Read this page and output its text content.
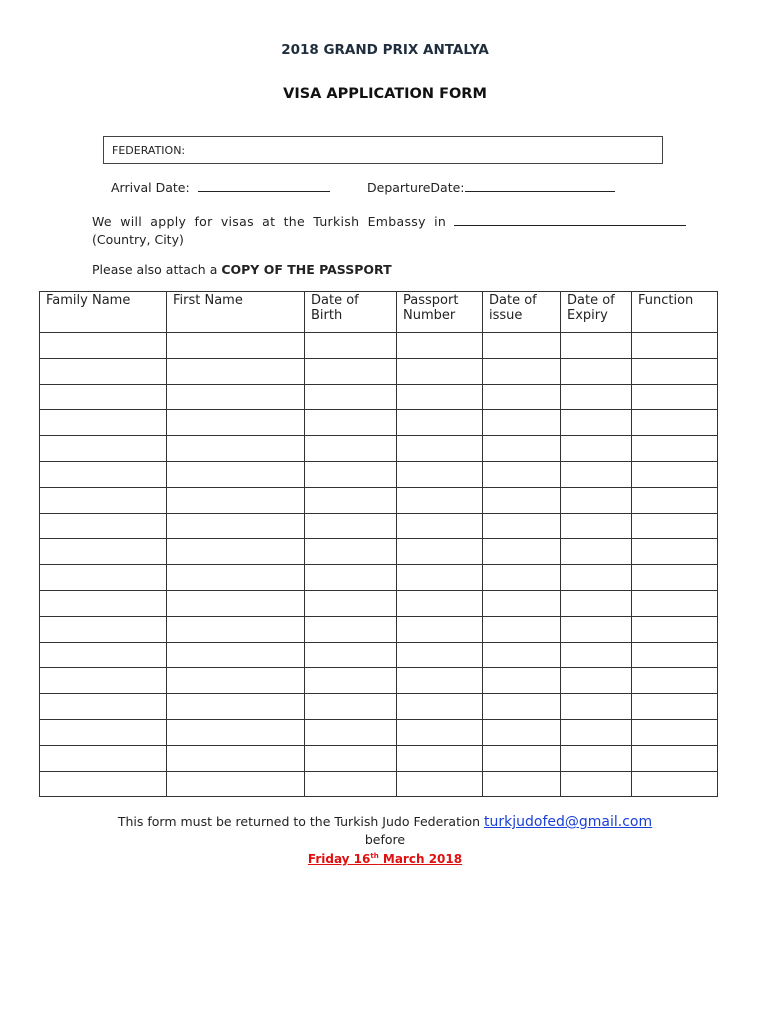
2018 GRAND PRIX ANTALYA
VISA APPLICATION FORM
FEDERATION:
Arrival Date:	DepartureDate:
We will apply for visas at the Turkish Embassy in
(Country, City)
Please also attach a COPY OF THE PASSPORT
Family Name	First Name	Date of Birth	Passport Number	Date of issue	Date of Expiry	Function

This form must be returned to the Turkish Judo Federation turkjudofed@gmail.com
before
Friday 16th March 2018
